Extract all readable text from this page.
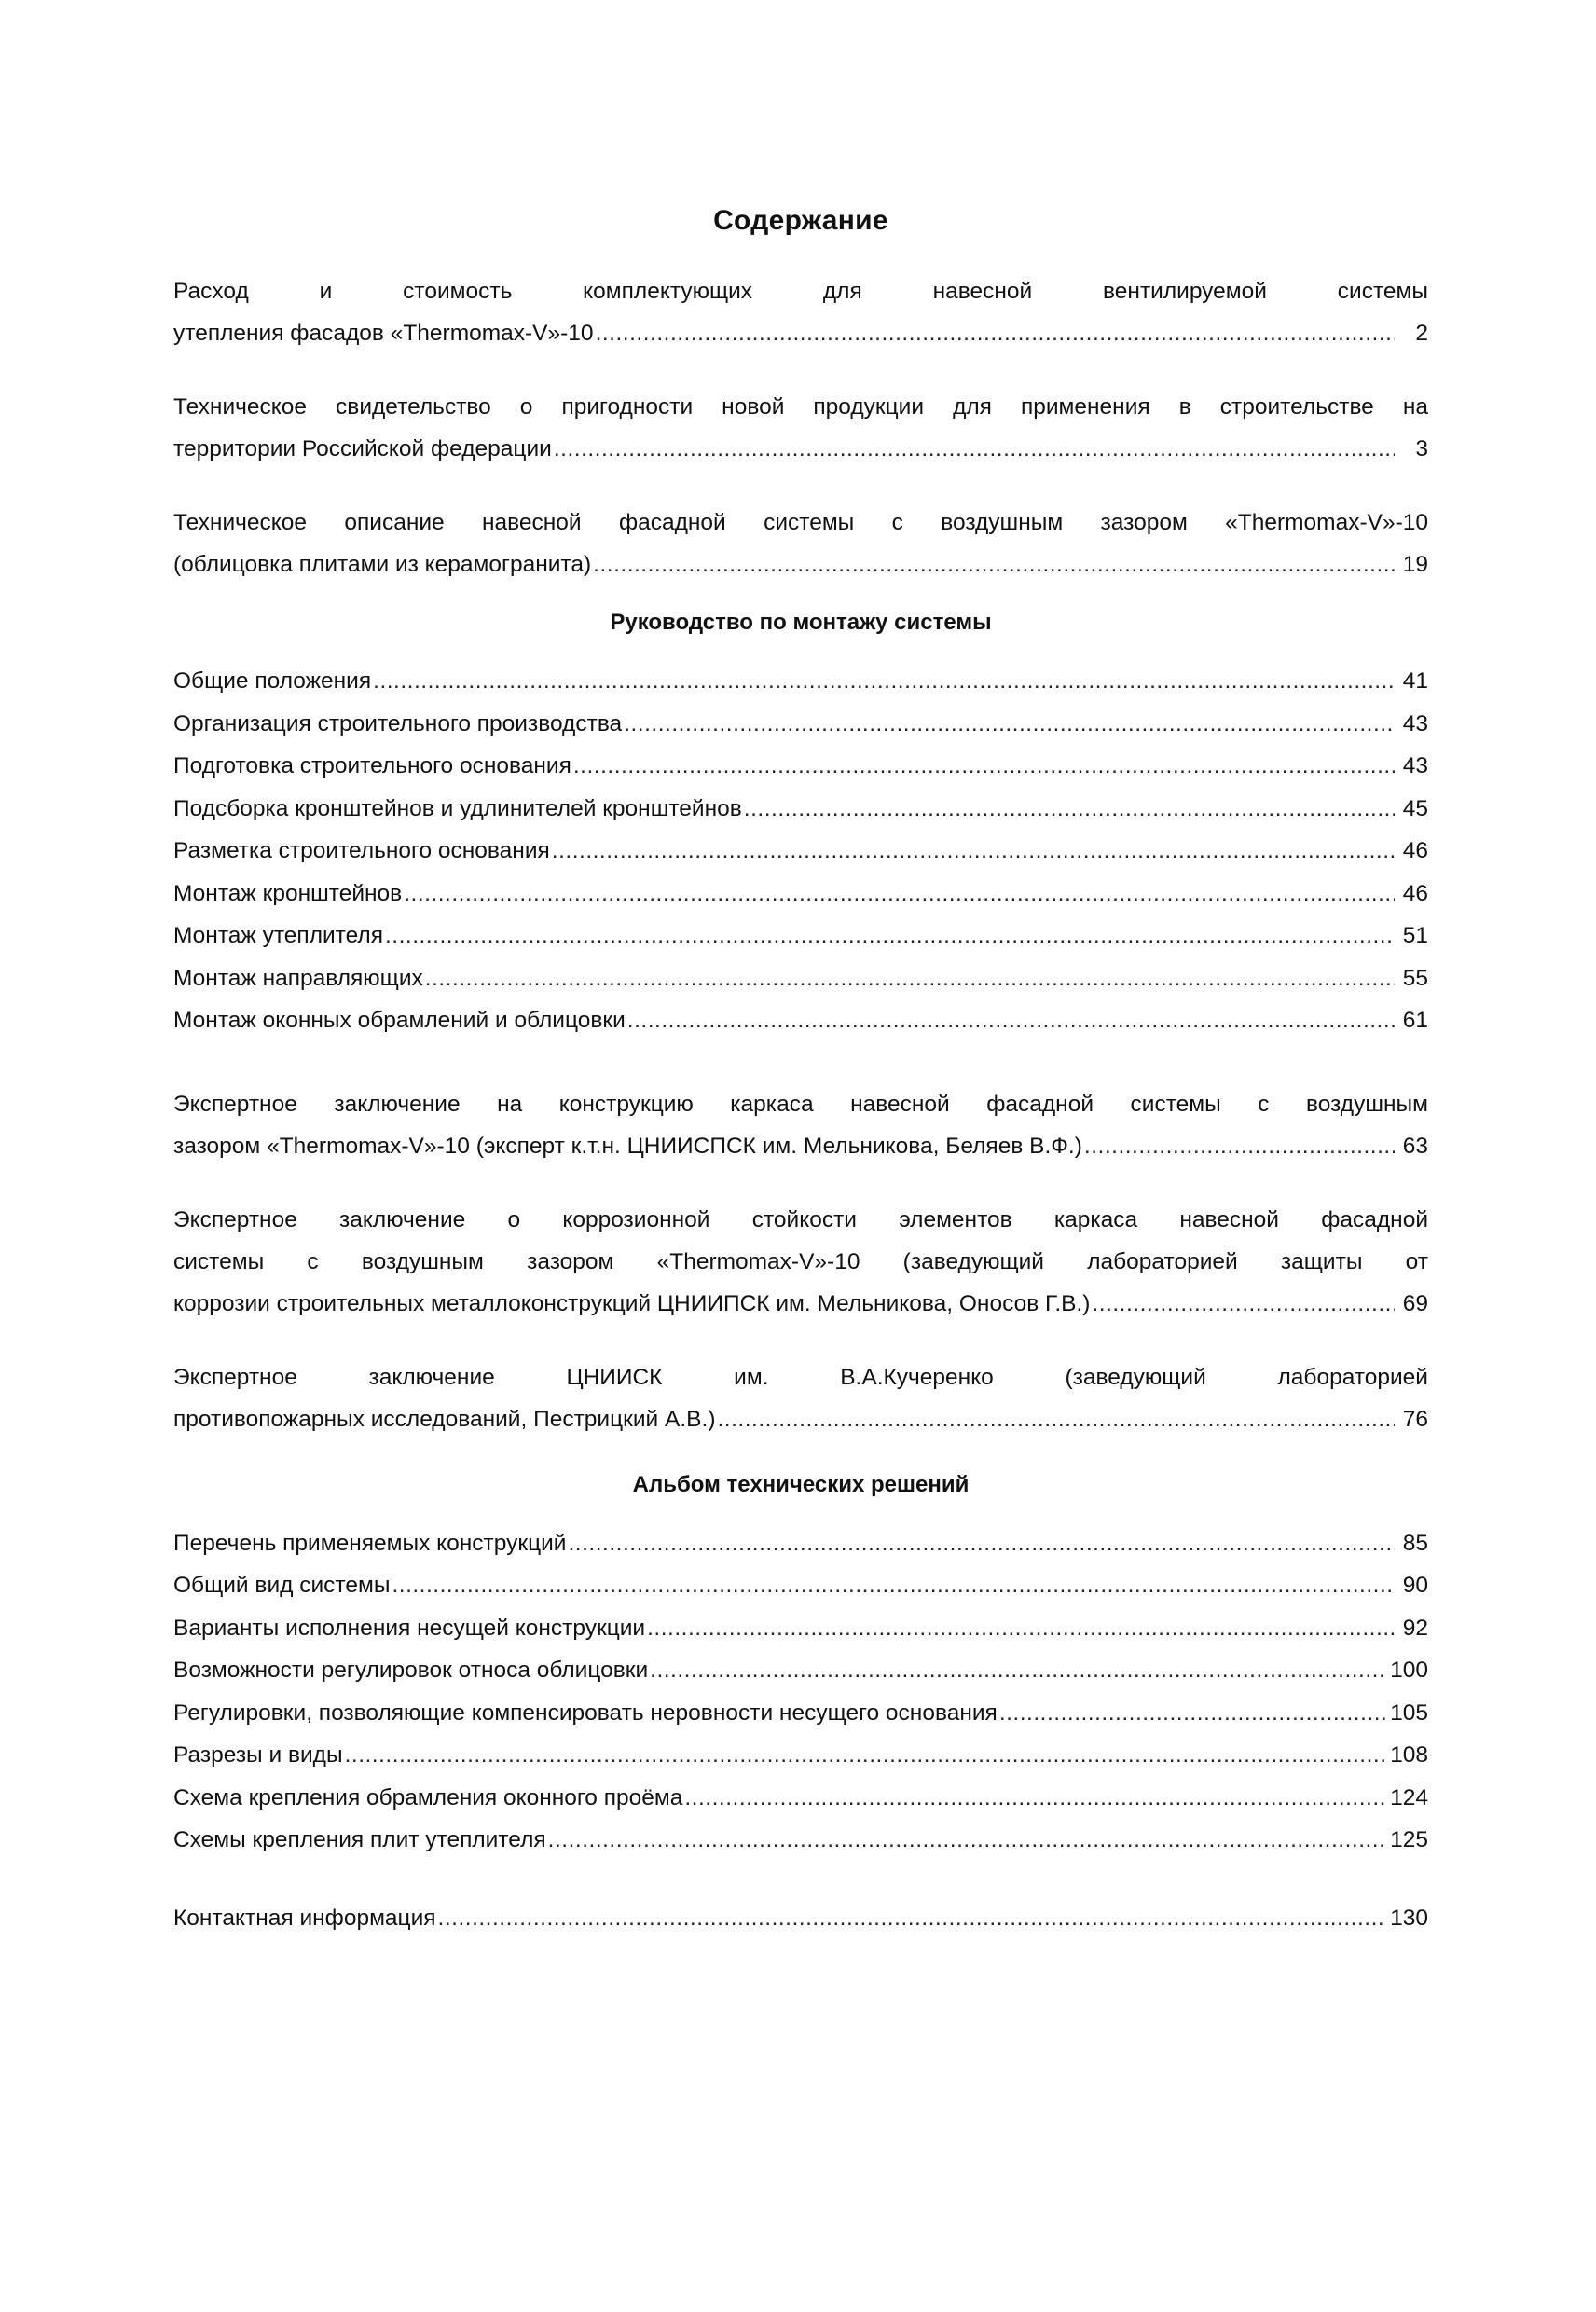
Содержание
Расход и стоимость комплектующих для навесной вентилируемой системы
утепления фасадов «Thermomax-V»-10 .....	2
Техническое свидетельство о пригодности новой продукции для применения в строительстве на
территории Российской федерации .....	3
Техническое описание навесной фасадной системы с воздушным зазором «Thermomax-V»-10
(облицовка плитами из керамогранита) .....	19
Руководство по монтажу системы
Общие положения .....	41
Организация строительного производства .....	43
Подготовка строительного основания .....	43
Подсборка кронштейнов и удлинителей кронштейнов .....	45
Разметка строительного основания .....	46
Монтаж кронштейнов .....	46
Монтаж утеплителя .....	51
Монтаж направляющих .....	55
Монтаж оконных обрамлений и облицовки .....	61
Экспертное заключение на конструкцию каркаса навесной фасадной системы с воздушным
зазором «Thermomax-V»-10 (эксперт к.т.н. ЦНИИСПСК им. Мельникова, Беляев В.Ф.) .....	63
Экспертное заключение о коррозионной стойкости элементов каркаса навесной фасадной
системы с воздушным зазором «Thermomax-V»-10 (заведующий лабораторией защиты от
коррозии строительных металлоконструкций ЦНИИПСК им. Мельникова, Оносов Г.В.) .....	69
Экспертное заключение ЦНИИСК им. В.А.Кучеренко (заведующий лабораторией
противопожарных исследований, Пестрицкий А.В.) .....	76
Альбом технических решений
Перечень применяемых конструкций .....	85
Общий вид системы .....	90
Варианты исполнения несущей конструкции .....	92
Возможности регулировок относа облицовки .....	100
Регулировки, позволяющие компенсировать неровности несущего основания .....	105
Разрезы и виды .....	108
Схема крепления обрамления оконного проёма .....	124
Схемы крепления плит утеплителя .....	125
Контактная информация .....	130
